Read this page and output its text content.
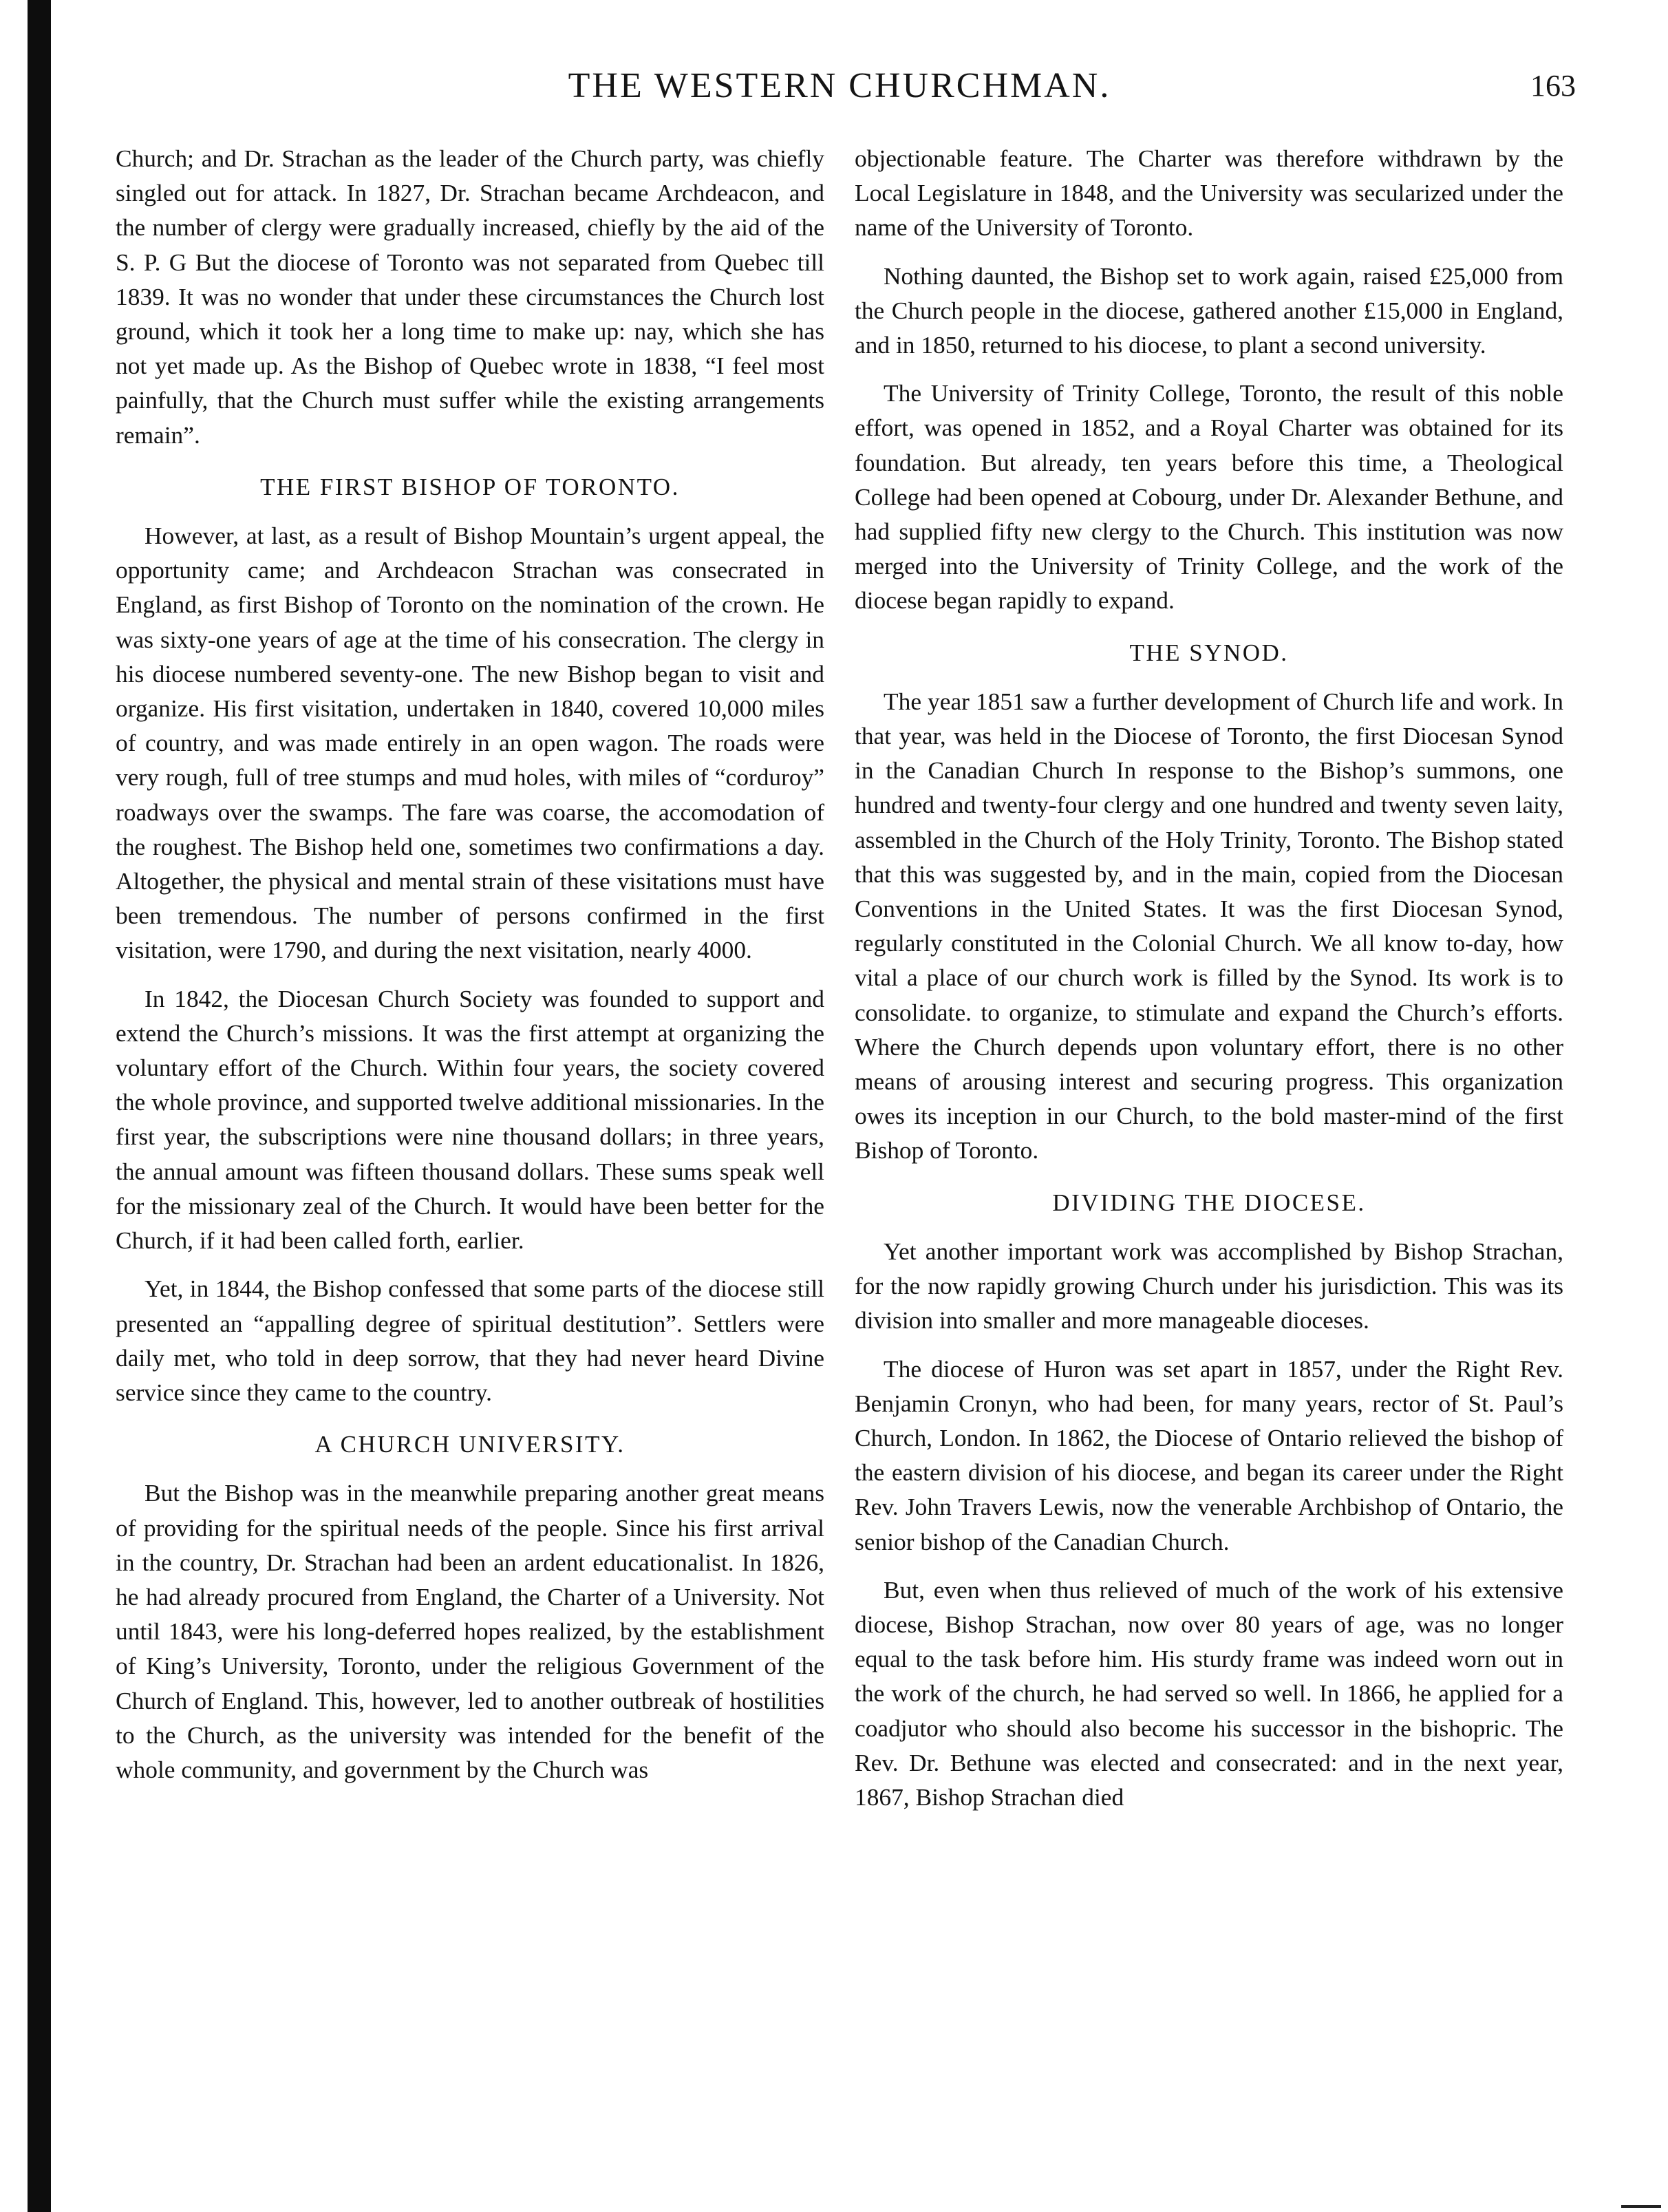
THE WESTERN CHURCHMAN.	163

Church; and Dr. Strachan as the leader of the Church party, was chiefly singled out for attack. In 1827, Dr. Strachan became Archdeacon, and the number of clergy were gradually increased, chiefly by the aid of the S. P. G But the diocese of Toronto was not separated from Quebec till 1839. It was no wonder that under these circumstances the Church lost ground, which it took her a long time to make up: nay, which she has not yet made up. As the Bishop of Quebec wrote in 1838, “I feel most painfully, that the Church must suffer while the existing arrangements remain”.

THE FIRST BISHOP OF TORONTO.

However, at last, as a result of Bishop Mountain’s urgent appeal, the opportunity came; and Archdeacon Strachan was consecrated in England, as first Bishop of Toronto on the nomination of the crown. He was sixty-one years of age at the time of his consecration. The clergy in his diocese numbered seventy-one. The new Bishop began to visit and organize. His first visitation, undertaken in 1840, covered 10,000 miles of country, and was made entirely in an open wagon. The roads were very rough, full of tree stumps and mud holes, with miles of “corduroy” roadways over the swamps. The fare was coarse, the accomodation of the roughest. The Bishop held one, sometimes two confirmations a day. Altogether, the physical and mental strain of these visitations must have been tremendous. The number of persons confirmed in the first visitation, were 1790, and during the next visitation, nearly 4000.

In 1842, the Diocesan Church Society was founded to support and extend the Church’s missions. It was the first attempt at organizing the voluntary effort of the Church. Within four years, the society covered the whole province, and supported twelve additional missionaries. In the first year, the subscriptions were nine thousand dollars; in three years, the annual amount was fifteen thousand dollars. These sums speak well for the missionary zeal of the Church. It would have been better for the Church, if it had been called forth, earlier.

Yet, in 1844, the Bishop confessed that some parts of the diocese still presented an “appalling degree of spiritual destitution”. Settlers were daily met, who told in deep sorrow, that they had never heard Divine service since they came to the country.

A CHURCH UNIVERSITY.

But the Bishop was in the meanwhile preparing another great means of providing for the spiritual needs of the people. Since his first arrival in the country, Dr. Strachan had been an ardent educationalist. In 1826, he had already procured from England, the Charter of a University. Not until 1843, were his long-deferred hopes realized, by the establishment of King’s University, Toronto, under the religious Government of the Church of England. This, however, led to another outbreak of hostilities to the Church, as the university was intended for the benefit of the whole community, and government by the Church was

objectionable feature. The Charter was therefore withdrawn by the Local Legislature in 1848, and the University was secularized under the name of the University of Toronto.

Nothing daunted, the Bishop set to work again, raised £25,000 from the Church people in the diocese, gathered another £15,000 in England, and in 1850, returned to his diocese, to plant a second university.

The University of Trinity College, Toronto, the result of this noble effort, was opened in 1852, and a Royal Charter was obtained for its foundation. But already, ten years before this time, a Theological College had been opened at Cobourg, under Dr. Alexander Bethune, and had supplied fifty new clergy to the Church. This institution was now merged into the University of Trinity College, and the work of the diocese began rapidly to expand.

THE SYNOD.

The year 1851 saw a further development of Church life and work. In that year, was held in the Diocese of Toronto, the first Diocesan Synod in the Canadian Church In response to the Bishop’s summons, one hundred and twenty-four clergy and one hundred and twenty seven laity, assembled in the Church of the Holy Trinity, Toronto. The Bishop stated that this was suggested by, and in the main, copied from the Diocesan Conventions in the United States. It was the first Diocesan Synod, regularly constituted in the Colonial Church. We all know to-day, how vital a place of our church work is filled by the Synod. Its work is to consolidate. to organize, to stimulate and expand the Church’s efforts. Where the Church depends upon voluntary effort, there is no other means of arousing interest and securing progress. This organization owes its inception in our Church, to the bold master-mind of the first Bishop of Toronto.

DIVIDING THE DIOCESE.

Yet another important work was accomplished by Bishop Strachan, for the now rapidly growing Church under his jurisdiction. This was its division into smaller and more manageable dioceses.

The diocese of Huron was set apart in 1857, under the Right Rev. Benjamin Cronyn, who had been, for many years, rector of St. Paul’s Church, London. In 1862, the Diocese of Ontario relieved the bishop of the eastern division of his diocese, and began its career under the Right Rev. John Travers Lewis, now the venerable Archbishop of Ontario, the senior bishop of the Canadian Church.

But, even when thus relieved of much of the work of his extensive diocese, Bishop Strachan, now over 80 years of age, was no longer equal to the task before him. His sturdy frame was indeed worn out in the work of the church, he had served so well. In 1866, he applied for a coadjutor who should also become his successor in the bishopric. The Rev. Dr. Bethune was elected and consecrated: and in the next year, 1867, Bishop Strachan died
